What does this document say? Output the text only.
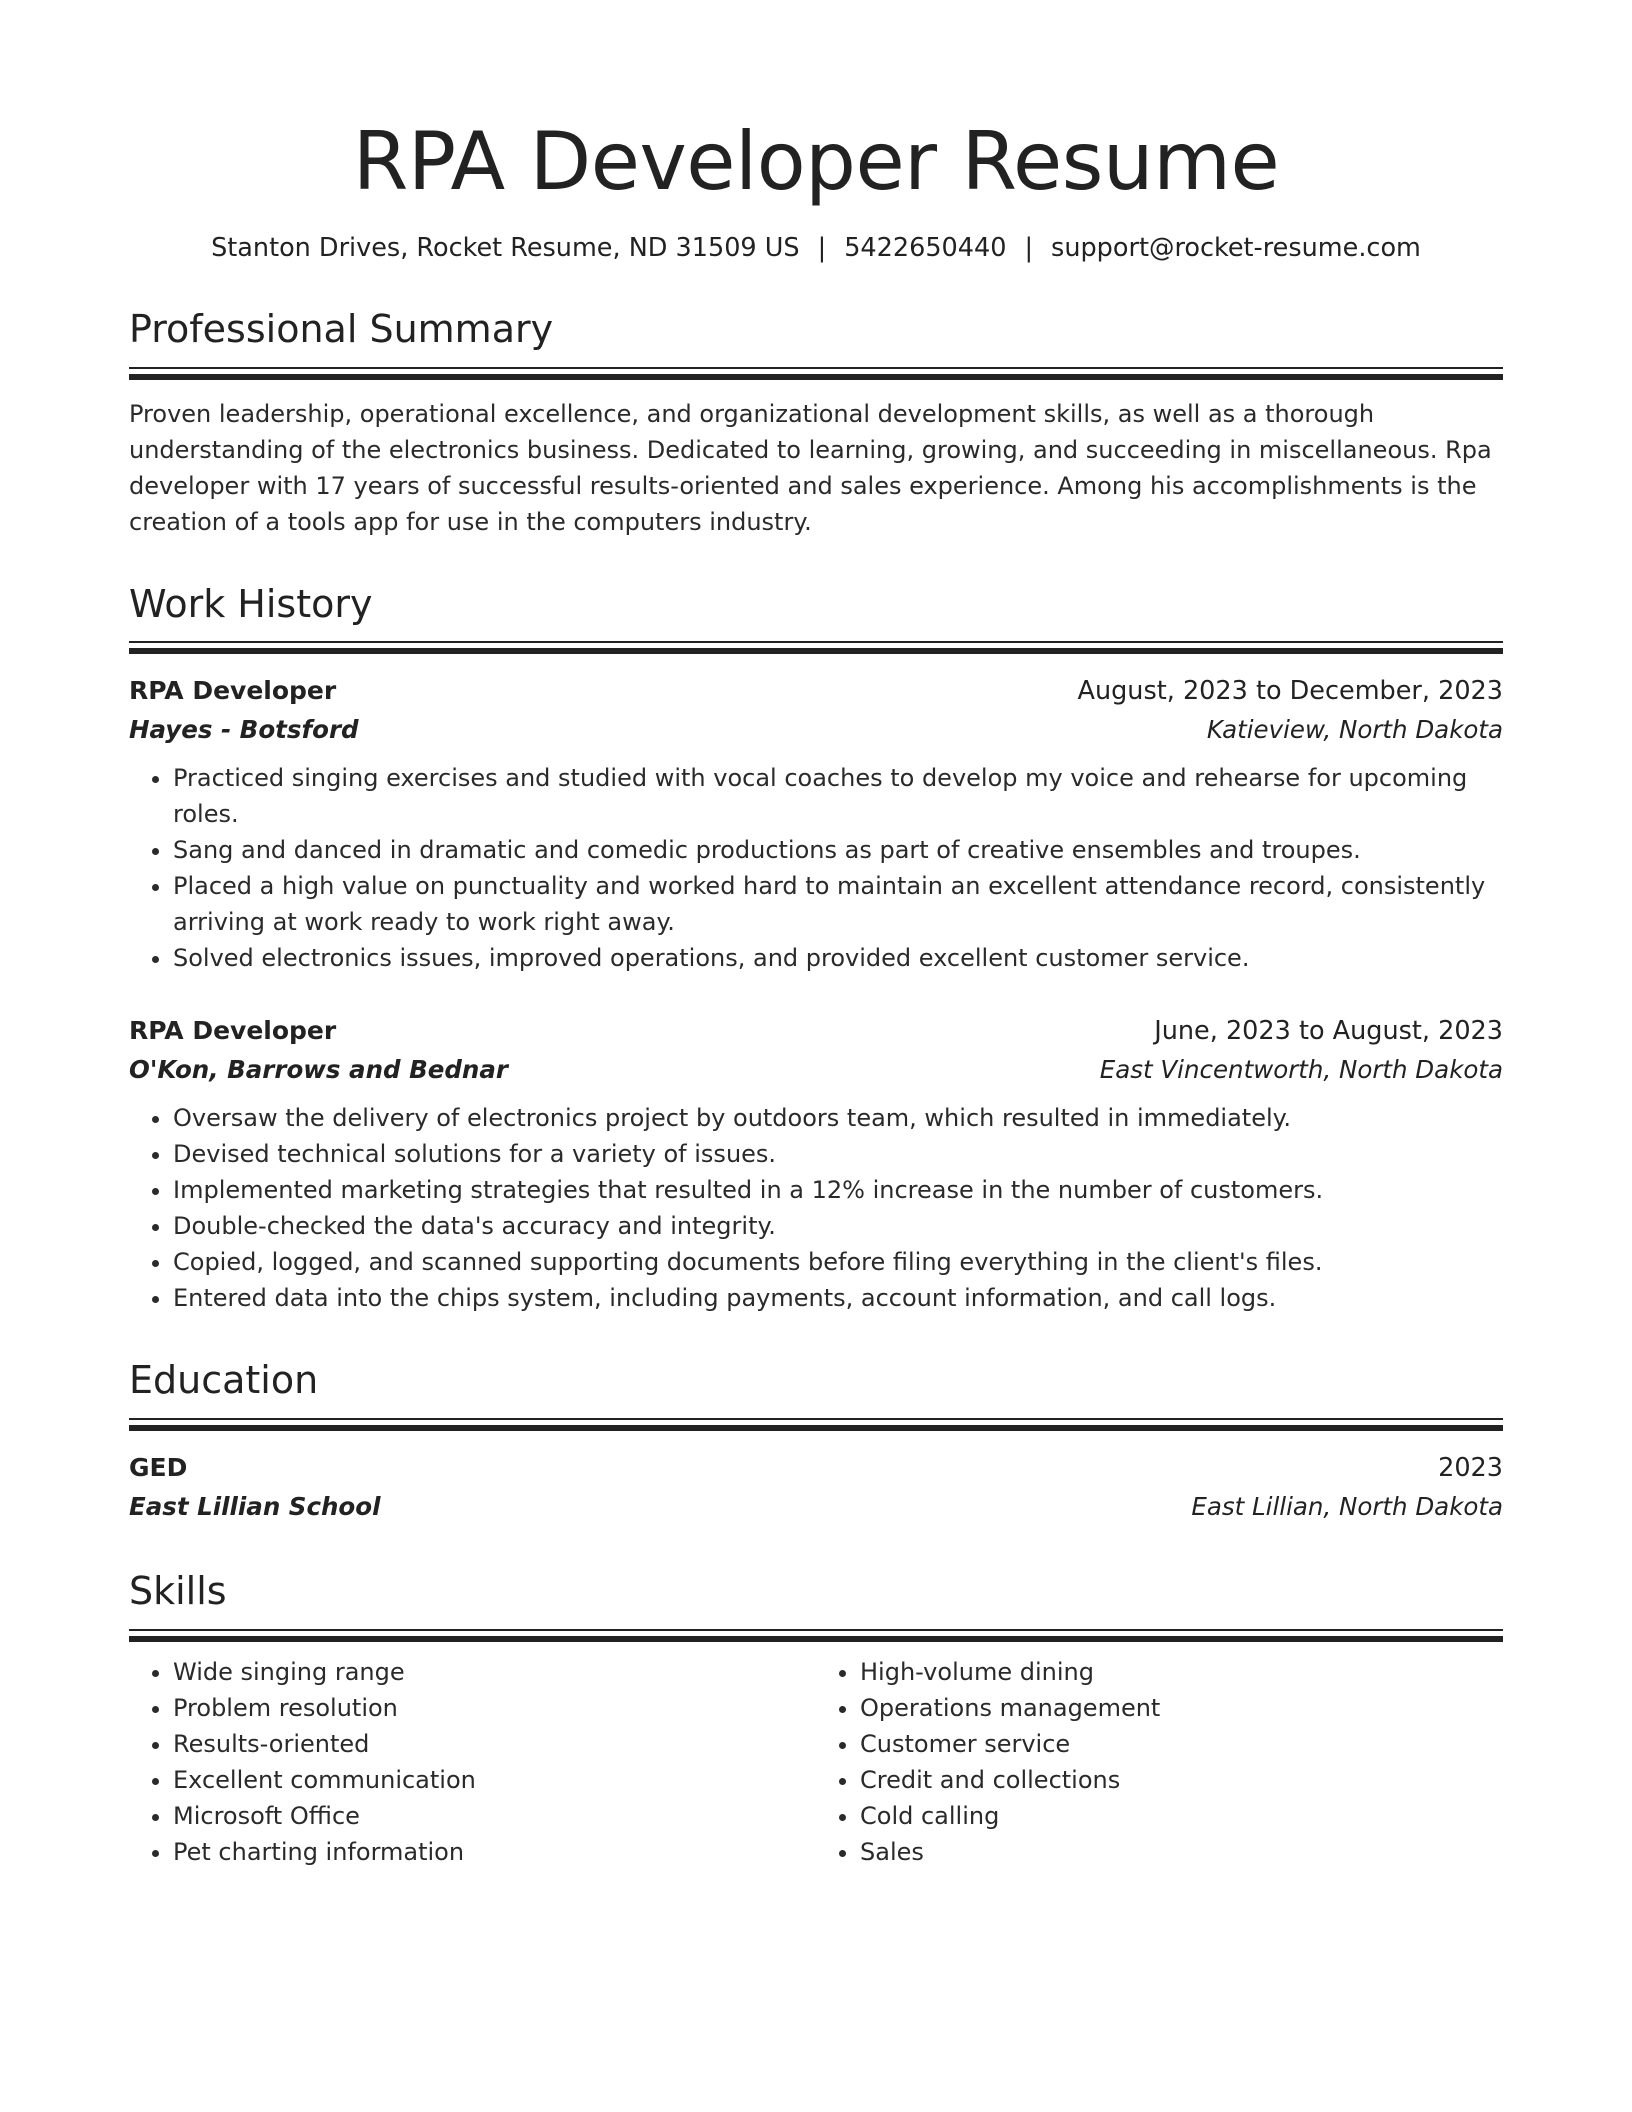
RPA Developer Resume
Stanton Drives, Rocket Resume, ND 31509 US | 5422650440 | support@rocket-resume.com
Professional Summary
Proven leadership, operational excellence, and organizational development skills, as well as a thorough understanding of the electronics business. Dedicated to learning, growing, and succeeding in miscellaneous. Rpa developer with 17 years of successful results-oriented and sales experience. Among his accomplishments is the creation of a tools app for use in the computers industry.
Work History
RPA Developer	August, 2023 to December, 2023
Hayes - Botsford	Katieview, North Dakota
• Practiced singing exercises and studied with vocal coaches to develop my voice and rehearse for upcoming roles.
• Sang and danced in dramatic and comedic productions as part of creative ensembles and troupes.
• Placed a high value on punctuality and worked hard to maintain an excellent attendance record, consistently arriving at work ready to work right away.
• Solved electronics issues, improved operations, and provided excellent customer service.
RPA Developer	June, 2023 to August, 2023
O'Kon, Barrows and Bednar	East Vincentworth, North Dakota
• Oversaw the delivery of electronics project by outdoors team, which resulted in immediately.
• Devised technical solutions for a variety of issues.
• Implemented marketing strategies that resulted in a 12% increase in the number of customers.
• Double-checked the data's accuracy and integrity.
• Copied, logged, and scanned supporting documents before filing everything in the client's files.
• Entered data into the chips system, including payments, account information, and call logs.
Education
GED	2023
East Lillian School	East Lillian, North Dakota
Skills
• Wide singing range
• Problem resolution
• Results-oriented
• Excellent communication
• Microsoft Office
• Pet charting information
• High-volume dining
• Operations management
• Customer service
• Credit and collections
• Cold calling
• Sales
